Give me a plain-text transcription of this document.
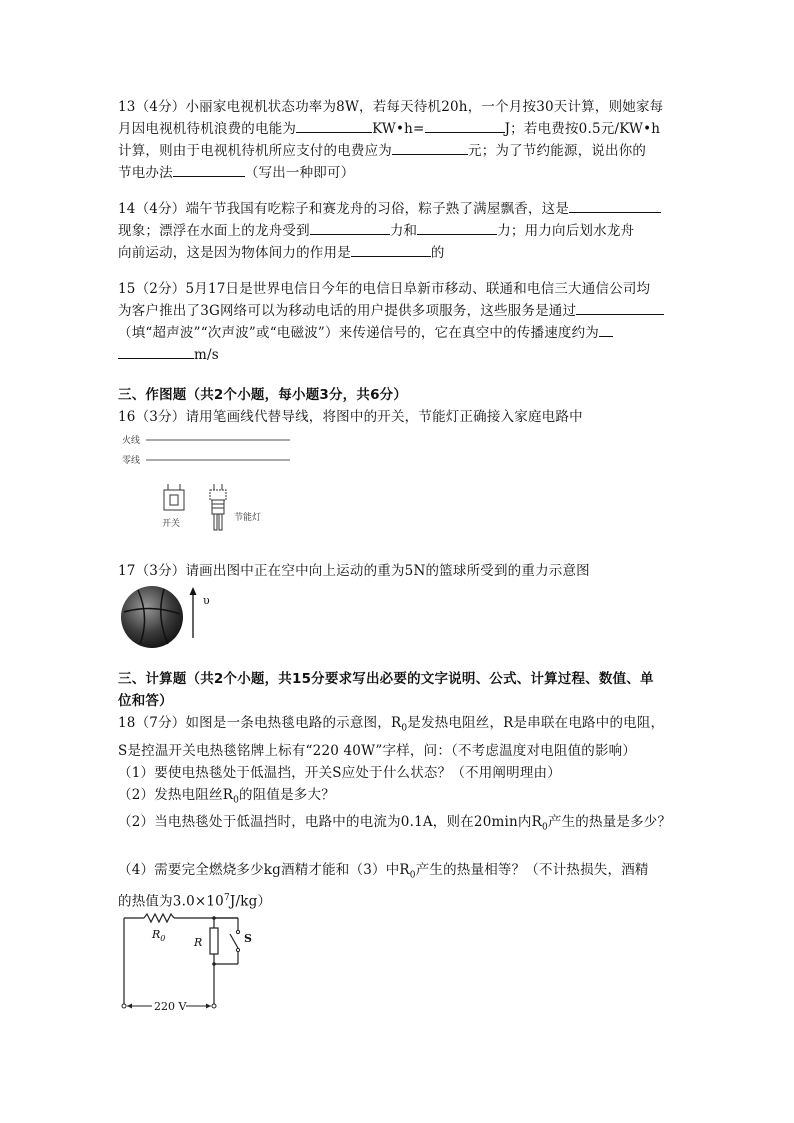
13（4分）小丽家电视机状态功率为8W，若每天待机20h，一个月按30天计算，则她家每

月因电视机待机浪费的电能为	KW•h=	J；若电费按0.5元/KW•h

计算，则由于电视机待机所应支付的电费应为	元；为了节约能源，说出你的

节电办法	（写出一种即可）

14（4分）端午节我国有吃粽子和赛龙舟的习俗，粽子熟了满屋飘香，这是

现象；漂浮在水面上的龙舟受到	力和	力；用力向后划水龙舟

向前运动，这是因为物体间力的作用是	的

15（2分）5月17日是世界电信日今年的电信日阜新市移动、联通和电信三大通信公司均

为客户推出了3G网络可以为移动电话的用户提供多项服务，这些服务是通过

（填“超声波”“次声波”或“电磁波”）来传递信号的，它在真空中的传播速度约为

m/s

三、作图题（共2个小题，每小题3分，共6分）

16（3分）请用笔画线代替导线，将图中的开关，节能灯正确接入家庭电路中

火线
零线
开关
节能灯

17（3分）请画出图中正在空中向上运动的重为5N的篮球所受到的重力示意图

υ

三、计算题（共2个小题，共15分要求写出必要的文字说明、公式、计算过程、数值、单

位和答）

18（7分）如图是一条电热毯电路的示意图，$R_0$是发热电阻丝，R是串联在电路中的电阻，

S是控温开关电热毯铭牌上标有“220 40W”字样，问：（不考虑温度对电阻值的影响）

（1）要使电热毯处于低温挡，开关S应处于什么状态？（不用阐明理由）

（2）发热电阻丝$R_0$的阻值是多大？

（2）当电热毯处于低温挡时，电路中的电流为0.1A，则在20min内$R_0$产生的热量是多少？

（4）需要完全燃烧多少kg酒精才能和（3）中$R_0$产生的热量相等？（不计热损失，酒精

的热值为$3.0\times 10^7J/kg$）

$R_0$	R	S
220 V
